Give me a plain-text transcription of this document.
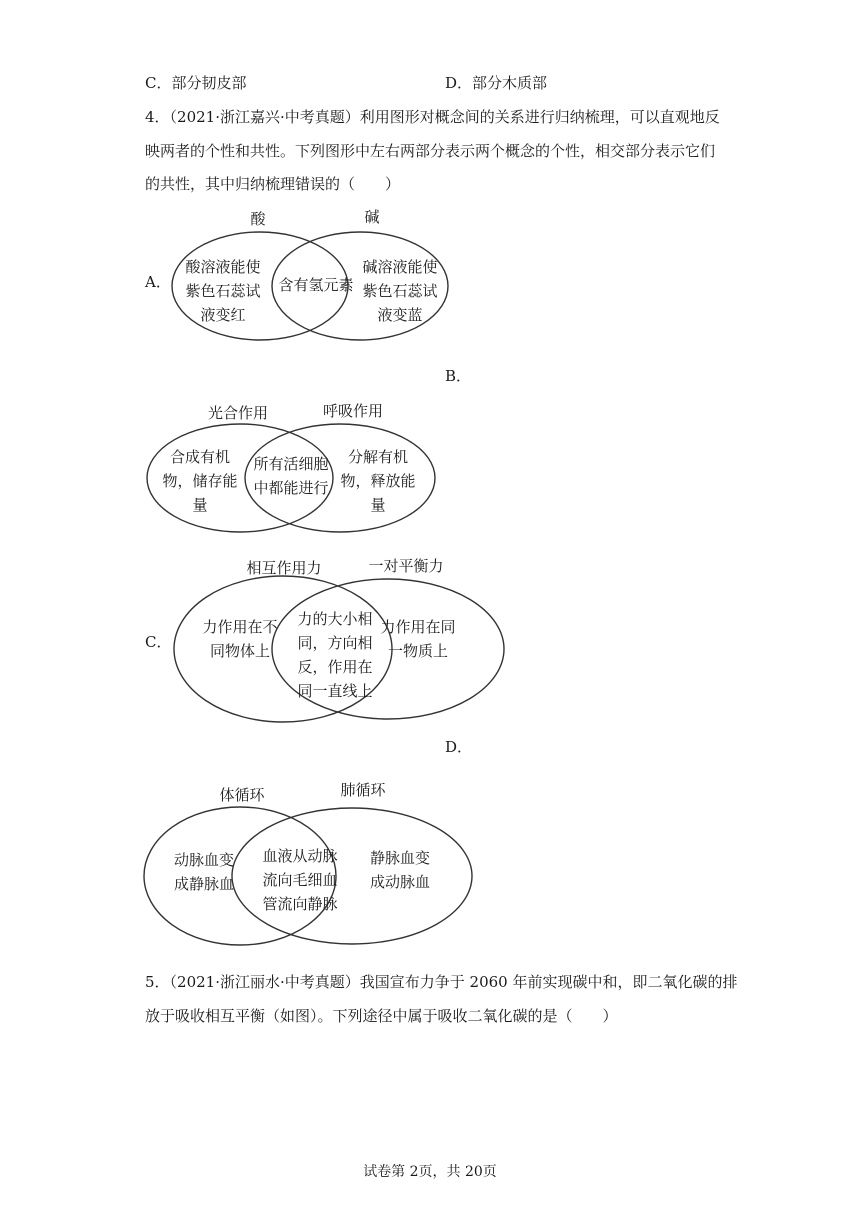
C．部分韧皮部	D．部分木质部
4．（2021·浙江嘉兴·中考真题）利用图形对概念间的关系进行归纳梳理，可以直观地反
映两者的个性和共性。下列图形中左右两部分表示两个概念的个性，相交部分表示它们
的共性，其中归纳梳理错误的（　　）
A．
酸	碱
酸溶液能使
紫色石蕊试
液变红
含有氢元素
碱溶液能使
紫色石蕊试
液变蓝
B．
光合作用	呼吸作用
合成有机
物，储存能
量
所有活细胞
中都能进行
分解有机
物，释放能
量
C．
相互作用力	一对平衡力
力作用在不
同物体上
力的大小相
同，方向相
反，作用在
同一直线上
力作用在同
一物质上
D．
体循环	肺循环
动脉血变
成静脉血
血液从动脉
流向毛细血
管流向静脉
静脉血变
成动脉血
5．（2021·浙江丽水·中考真题）我国宣布力争于 2060 年前实现碳中和，即二氧化碳的排
放于吸收相互平衡（如图）。下列途径中属于吸收二氧化碳的是（　　）
试卷第 2页，共 20页
